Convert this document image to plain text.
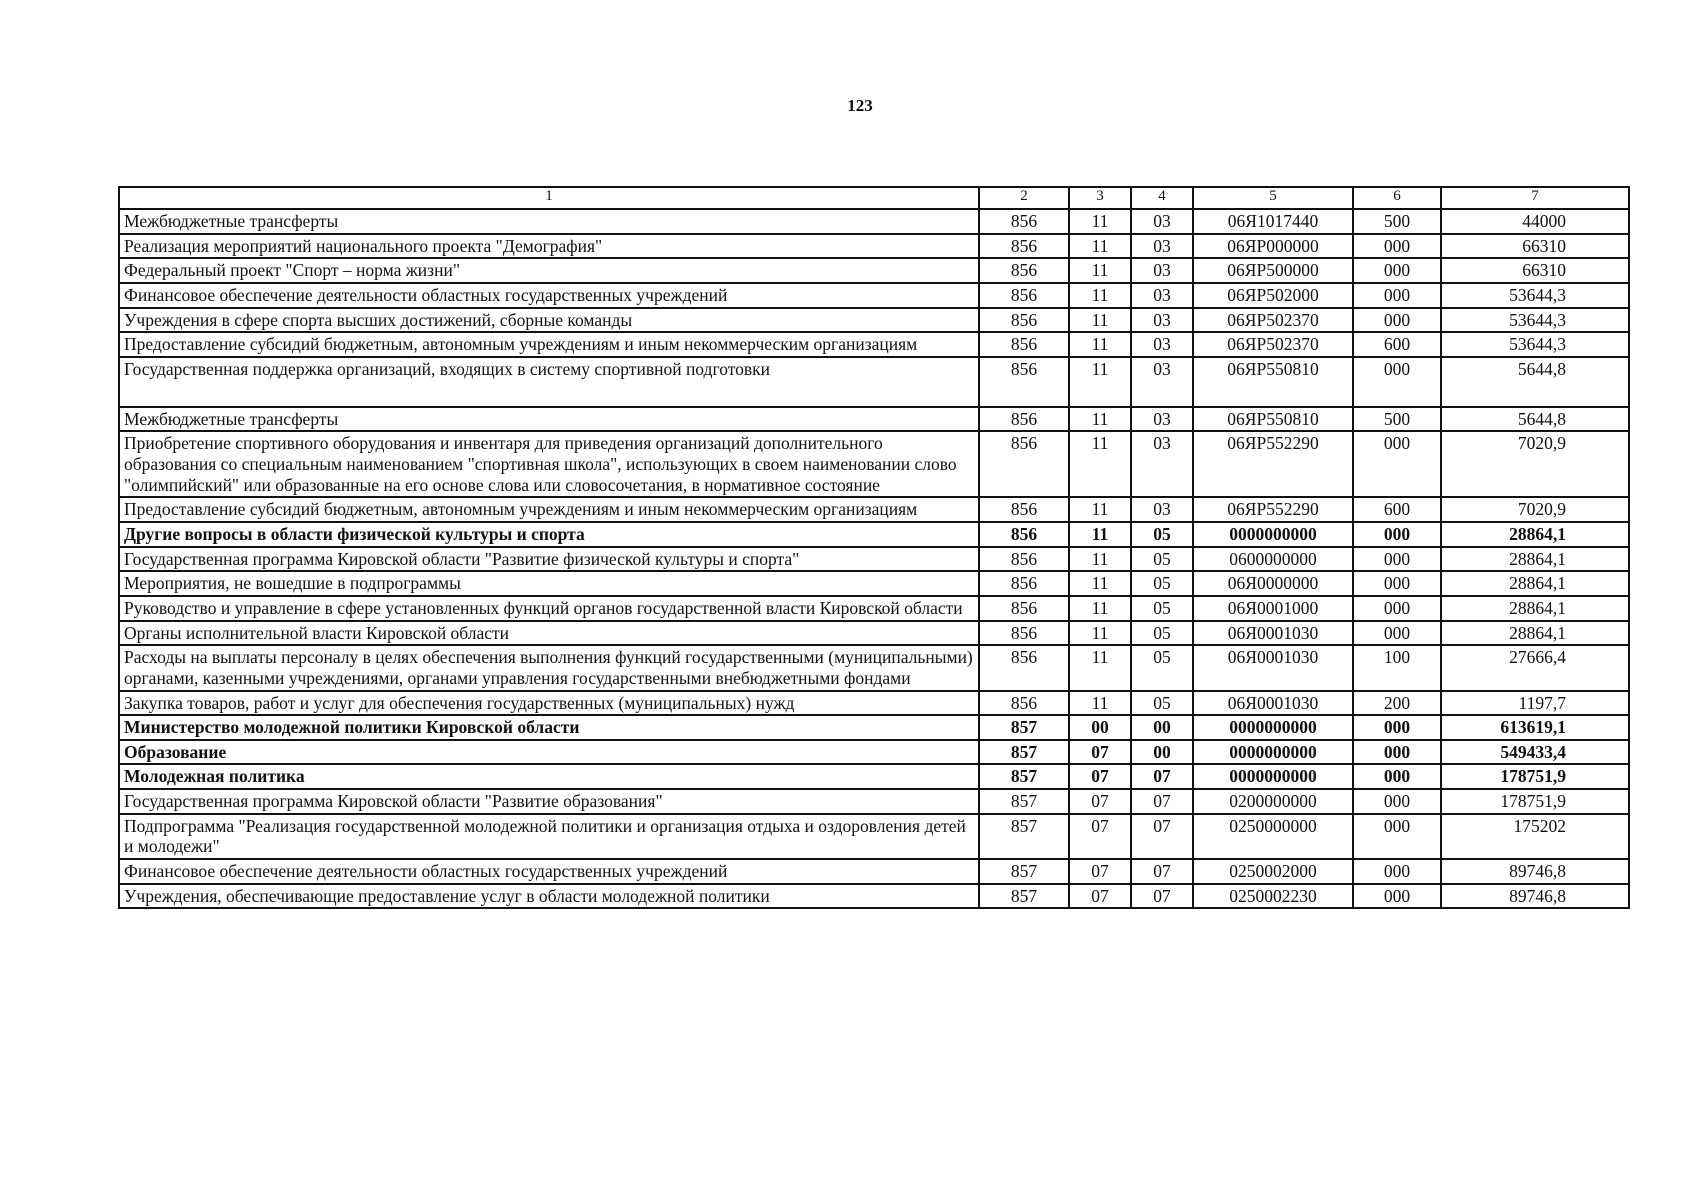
123
1	2	3	4	5	6	7
Межбюджетные трансферты	856	11	03	06Я1017440	500	44000
Реализация мероприятий национального проекта "Демография"	856	11	03	06ЯР000000	000	66310
Федеральный проект "Спорт – норма жизни"	856	11	03	06ЯР500000	000	66310
Финансовое обеспечение деятельности областных государственных учреждений	856	11	03	06ЯР502000	000	53644,3
Учреждения в сфере спорта высших достижений, сборные команды	856	11	03	06ЯР502370	000	53644,3
Предоставление субсидий бюджетным, автономным учреждениям и иным некоммерческим организациям	856	11	03	06ЯР502370	600	53644,3
Государственная поддержка организаций, входящих в систему спортивной подготовки	856	11	03	06ЯР550810	000	5644,8
Межбюджетные трансферты	856	11	03	06ЯР550810	500	5644,8
Приобретение спортивного оборудования и инвентаря для приведения организаций дополнительного образования со специальным наименованием "спортивная школа", использующих в своем наименовании слово "олимпийский" или образованные на его основе слова или словосочетания, в нормативное состояние	856	11	03	06ЯР552290	000	7020,9
Предоставление субсидий бюджетным, автономным учреждениям и иным некоммерческим организациям	856	11	03	06ЯР552290	600	7020,9
Другие вопросы в области физической культуры и спорта	856	11	05	0000000000	000	28864,1
Государственная программа Кировской области "Развитие физической культуры и спорта"	856	11	05	0600000000	000	28864,1
Мероприятия, не вошедшие в подпрограммы	856	11	05	06Я0000000	000	28864,1
Руководство и управление в сфере установленных функций органов государственной власти Кировской области	856	11	05	06Я0001000	000	28864,1
Органы исполнительной власти Кировской области	856	11	05	06Я0001030	000	28864,1
Расходы на выплаты персоналу в целях обеспечения выполнения функций государственными (муниципальными) органами, казенными учреждениями, органами управления государственными внебюджетными фондами	856	11	05	06Я0001030	100	27666,4
Закупка товаров, работ и услуг для обеспечения государственных (муниципальных) нужд	856	11	05	06Я0001030	200	1197,7
Министерство молодежной политики Кировской области	857	00	00	0000000000	000	613619,1
Образование	857	07	00	0000000000	000	549433,4
Молодежная политика	857	07	07	0000000000	000	178751,9
Государственная программа Кировской области "Развитие образования"	857	07	07	0200000000	000	178751,9
Подпрограмма "Реализация государственной молодежной политики и организация отдыха и оздоровления детей и молодежи"	857	07	07	0250000000	000	175202
Финансовое обеспечение деятельности областных государственных учреждений	857	07	07	0250002000	000	89746,8
Учреждения, обеспечивающие предоставление услуг в области молодежной политики	857	07	07	0250002230	000	89746,8
